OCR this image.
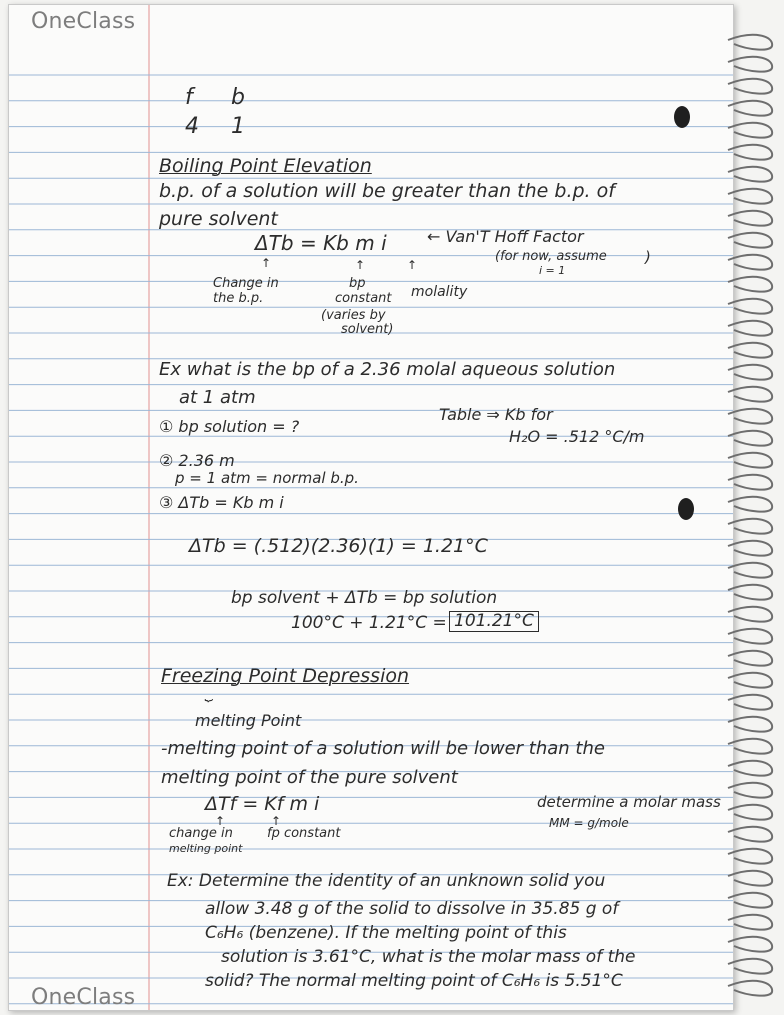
OneClass
f b
4 1
Boiling Point Elevation
b.p. of a solution will be greater than the b.p. of
pure solvent
ΔTb = Kb m i	← Van'T Hoff Factor
(for now, assume
i = 1
)
↑	↑	↑
Change in
the b.p.
bp
constant
(varies by
solvent)
molality
Ex what is the bp of a 2.36 molal aqueous solution
at 1 atm
① bp solution = ?
Table ⇒ Kb for
H₂O = .512 °C/m
② 2.36 m
p = 1 atm = normal b.p.
③ ΔTb = Kb m i
ΔTb = (.512)(2.36)(1) = 1.21°C
bp solvent + ΔTb = bp solution
100°C + 1.21°C = 101.21°C
Freezing Point Depression
⏟
melting Point
-melting point of a solution will be lower than the
melting point of the pure solvent
ΔTf = Kf m i	determine a molar mass
MM = g/mole
↑	↑
change in
melting point
fp constant
Ex: Determine the identity of an unknown solid you
allow 3.48 g of the solid to dissolve in 35.85 g of
C₆H₆ (benzene). If the melting point of this
solution is 3.61°C, what is the molar mass of the
solid? The normal melting point of C₆H₆ is 5.51°C
OneClass
